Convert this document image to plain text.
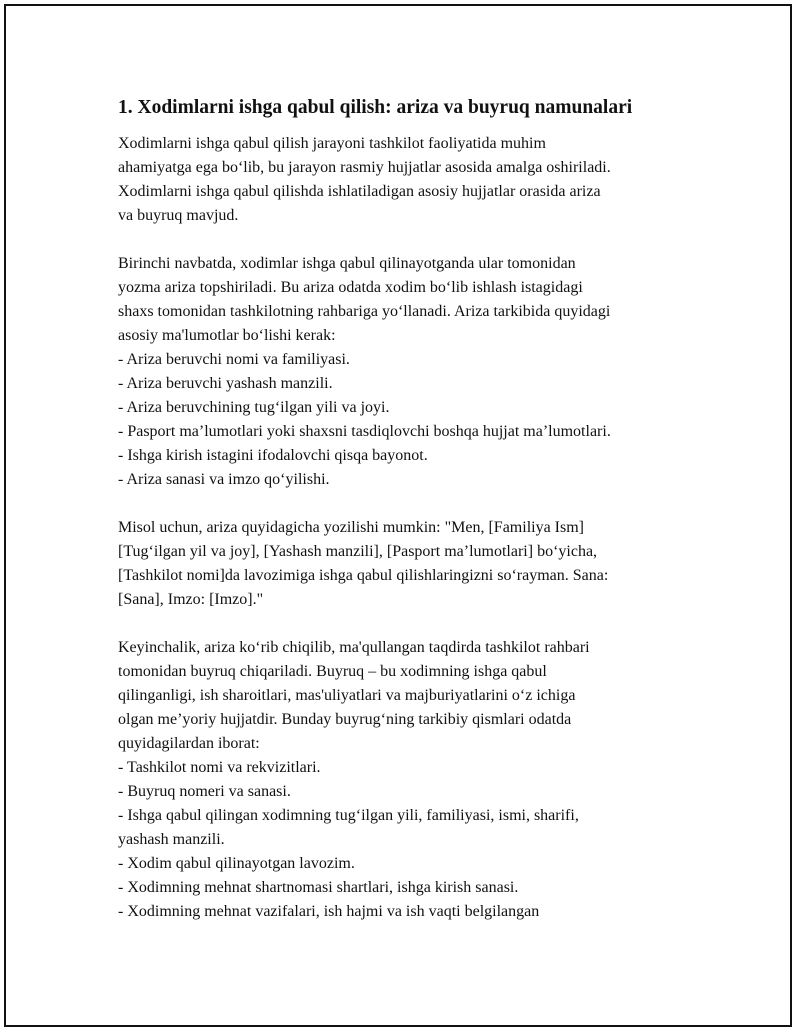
1. Xodimlarni ishga qabul qilish: ariza va buyruq namunalari

Xodimlarni ishga qabul qilish jarayoni tashkilot faoliyatida muhim
ahamiyatga ega bo‘lib, bu jarayon rasmiy hujjatlar asosida amalga oshiriladi.
Xodimlarni ishga qabul qilishda ishlatiladigan asosiy hujjatlar orasida ariza
va buyruq mavjud.

Birinchi navbatda, xodimlar ishga qabul qilinayotganda ular tomonidan
yozma ariza topshiriladi. Bu ariza odatda xodim bo‘lib ishlash istagidagi
shaxs tomonidan tashkilotning rahbariga yo‘llanadi. Ariza tarkibida quyidagi
asosiy ma'lumotlar bo‘lishi kerak:
- Ariza beruvchi nomi va familiyasi.
- Ariza beruvchi yashash manzili.
- Ariza beruvchining tug‘ilgan yili va joyi.
- Pasport ma’lumotlari yoki shaxsni tasdiqlovchi boshqa hujjat ma’lumotlari.
- Ishga kirish istagini ifodalovchi qisqa bayonot.
- Ariza sanasi va imzo qo‘yilishi.

Misol uchun, ariza quyidagicha yozilishi mumkin: "Men, [Familiya Ism]
[Tug‘ilgan yil va joy], [Yashash manzili], [Pasport ma’lumotlari] bo‘yicha,
[Tashkilot nomi]da lavozimiga ishga qabul qilishlaringizni so‘rayman. Sana:
[Sana], Imzo: [Imzo]."

Keyinchalik, ariza ko‘rib chiqilib, ma'qullangan taqdirda tashkilot rahbari
tomonidan buyruq chiqariladi. Buyruq – bu xodimning ishga qabul
qilinganligi, ish sharoitlari, mas'uliyatlari va majburiyatlarini o‘z ichiga
olgan me’yoriy hujjatdir. Bunday buyrug‘ning tarkibiy qismlari odatda
quyidagilardan iborat:
- Tashkilot nomi va rekvizitlari.
- Buyruq nomeri va sanasi.
- Ishga qabul qilingan xodimning tug‘ilgan yili, familiyasi, ismi, sharifi,
yashash manzili.
- Xodim qabul qilinayotgan lavozim.
- Xodimning mehnat shartnomasi shartlari, ishga kirish sanasi.
- Xodimning mehnat vazifalari, ish hajmi va ish vaqti belgilangan
